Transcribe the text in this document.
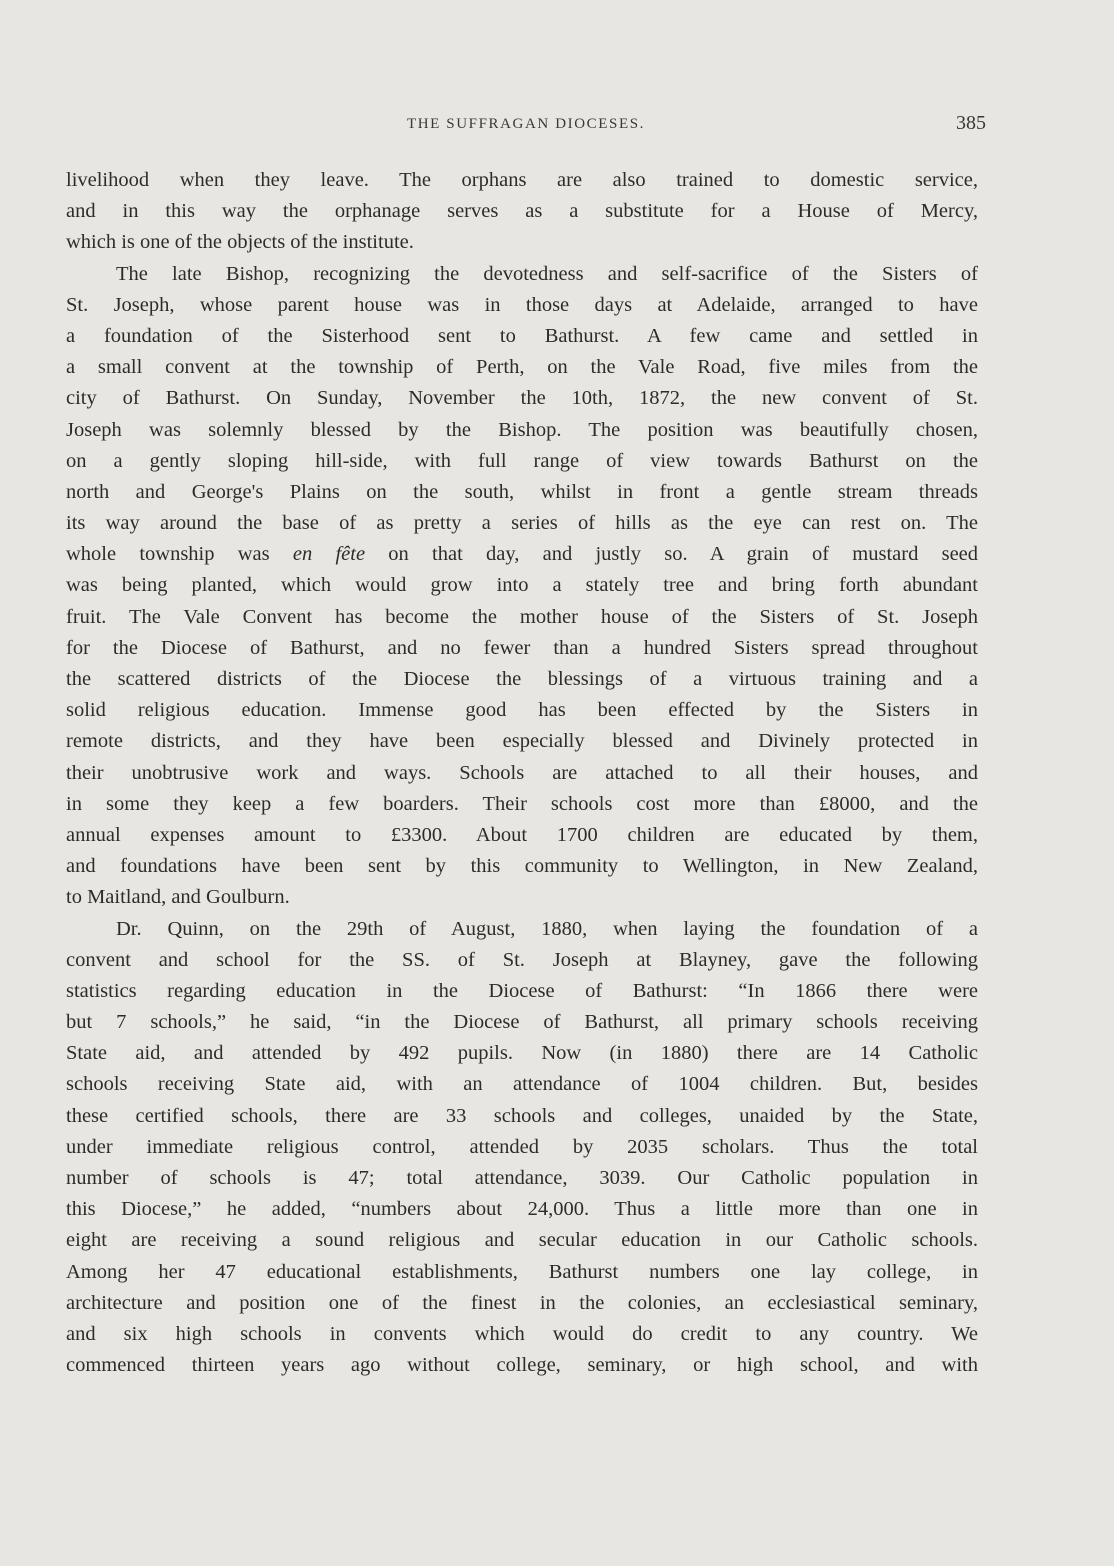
THE SUFFRAGAN DIOCESES.	385
livelihood when they leave. The orphans are also trained to domestic service,
and in this way the orphanage serves as a substitute for a House of Mercy,
which is one of the objects of the institute.
The late Bishop, recognizing the devotedness and self-sacrifice of the Sisters of
St. Joseph, whose parent house was in those days at Adelaide, arranged to have
a foundation of the Sisterhood sent to Bathurst. A few came and settled in
a small convent at the township of Perth, on the Vale Road, five miles from the
city of Bathurst. On Sunday, November the 10th, 1872, the new convent of St.
Joseph was solemnly blessed by the Bishop. The position was beautifully chosen,
on a gently sloping hill-side, with full range of view towards Bathurst on the
north and George's Plains on the south, whilst in front a gentle stream threads
its way around the base of as pretty a series of hills as the eye can rest on. The
whole township was en fête on that day, and justly so. A grain of mustard seed
was being planted, which would grow into a stately tree and bring forth abundant
fruit. The Vale Convent has become the mother house of the Sisters of St. Joseph
for the Diocese of Bathurst, and no fewer than a hundred Sisters spread throughout
the scattered districts of the Diocese the blessings of a virtuous training and a
solid religious education. Immense good has been effected by the Sisters in
remote districts, and they have been especially blessed and Divinely protected in
their unobtrusive work and ways. Schools are attached to all their houses, and
in some they keep a few boarders. Their schools cost more than £8000, and the
annual expenses amount to £3300. About 1700 children are educated by them,
and foundations have been sent by this community to Wellington, in New Zealand,
to Maitland, and Goulburn.
Dr. Quinn, on the 29th of August, 1880, when laying the foundation of a
convent and school for the SS. of St. Joseph at Blayney, gave the following
statistics regarding education in the Diocese of Bathurst: “In 1866 there were
but 7 schools,” he said, “in the Diocese of Bathurst, all primary schools receiving
State aid, and attended by 492 pupils. Now (in 1880) there are 14 Catholic
schools receiving State aid, with an attendance of 1004 children. But, besides
these certified schools, there are 33 schools and colleges, unaided by the State,
under immediate religious control, attended by 2035 scholars. Thus the total
number of schools is 47; total attendance, 3039. Our Catholic population in
this Diocese,” he added, “numbers about 24,000. Thus a little more than one in
eight are receiving a sound religious and secular education in our Catholic schools.
Among her 47 educational establishments, Bathurst numbers one lay college, in
architecture and position one of the finest in the colonies, an ecclesiastical seminary,
and six high schools in convents which would do credit to any country. We
commenced thirteen years ago without college, seminary, or high school, and with
